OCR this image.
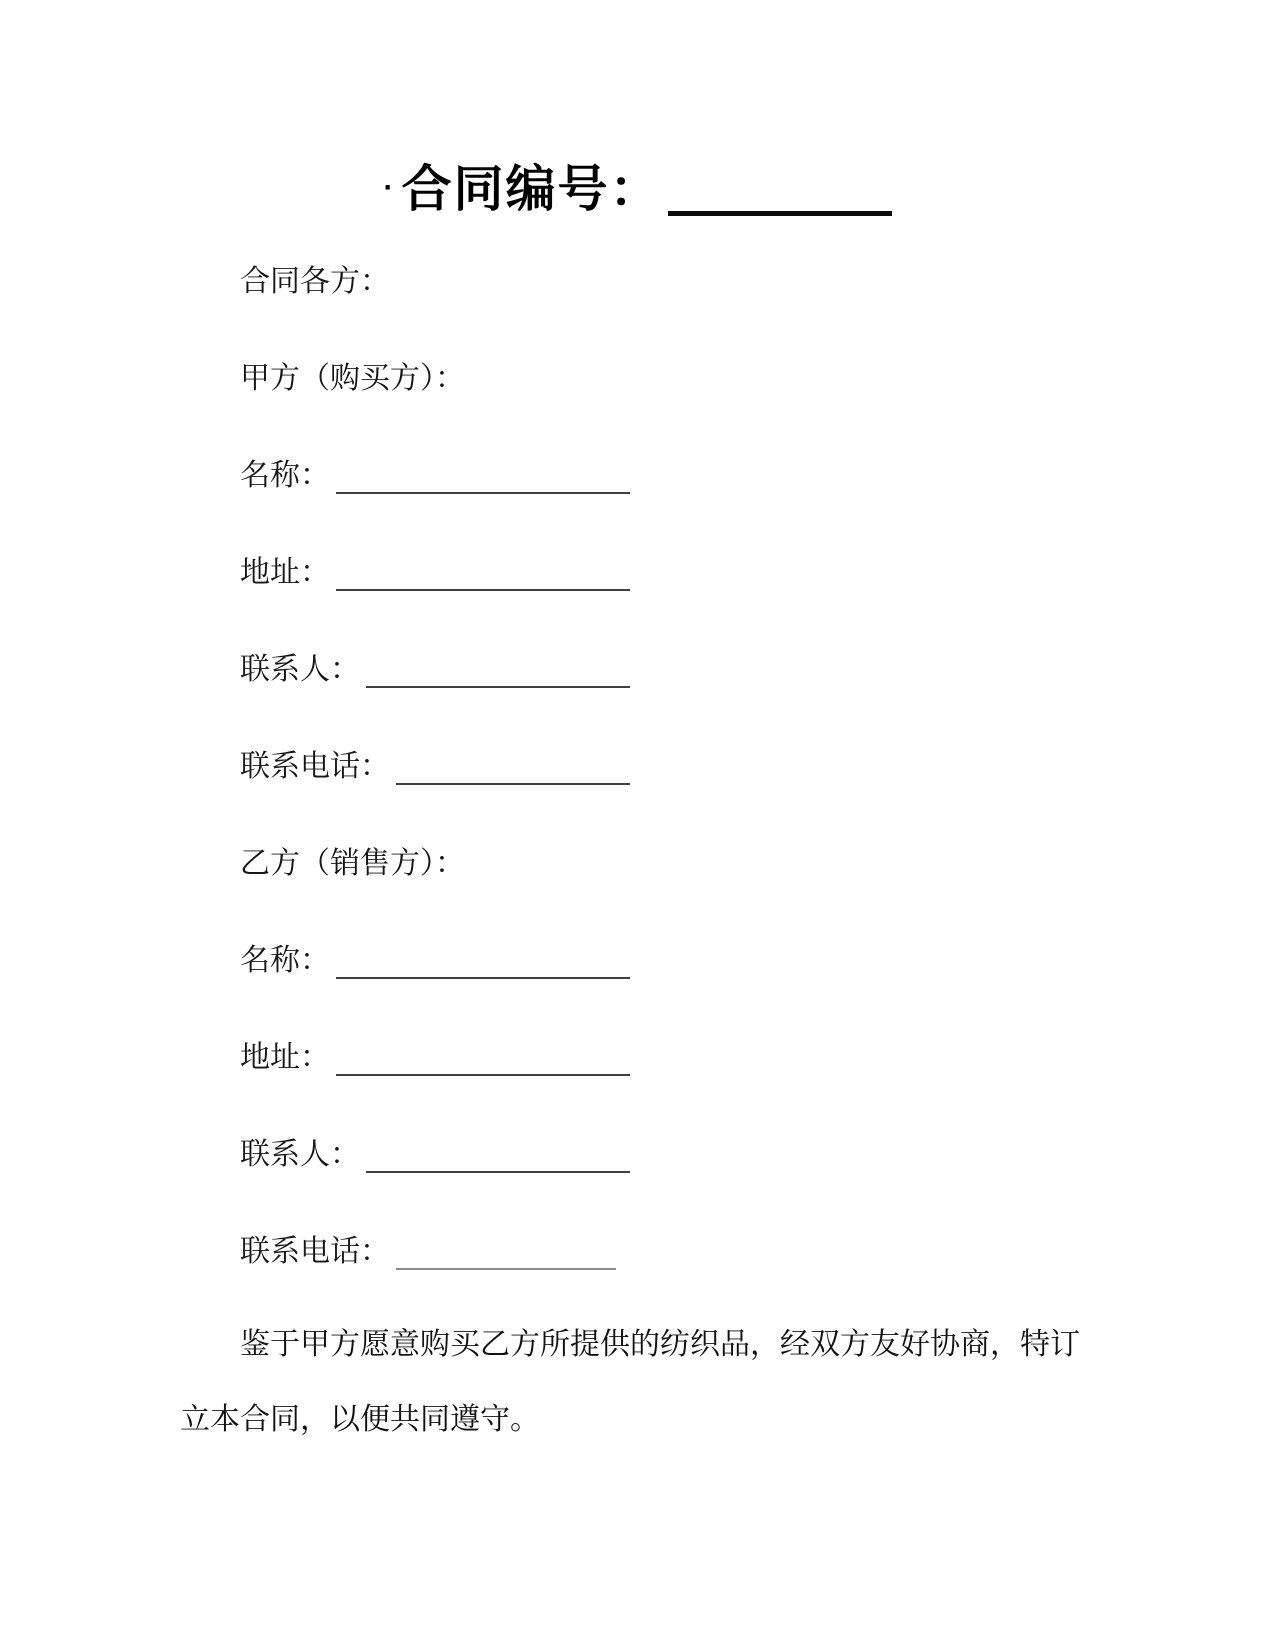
· 合同编号：
合同各方：
甲方（购买方）：
名称：
地址：
联系人：
联系电话：
乙方（销售方）：
名称：
地址：
联系人：
联系电话：
鉴于甲方愿意购买乙方所提供的纺织品，经双方友好协商，特订
立本合同，以便共同遵守。
